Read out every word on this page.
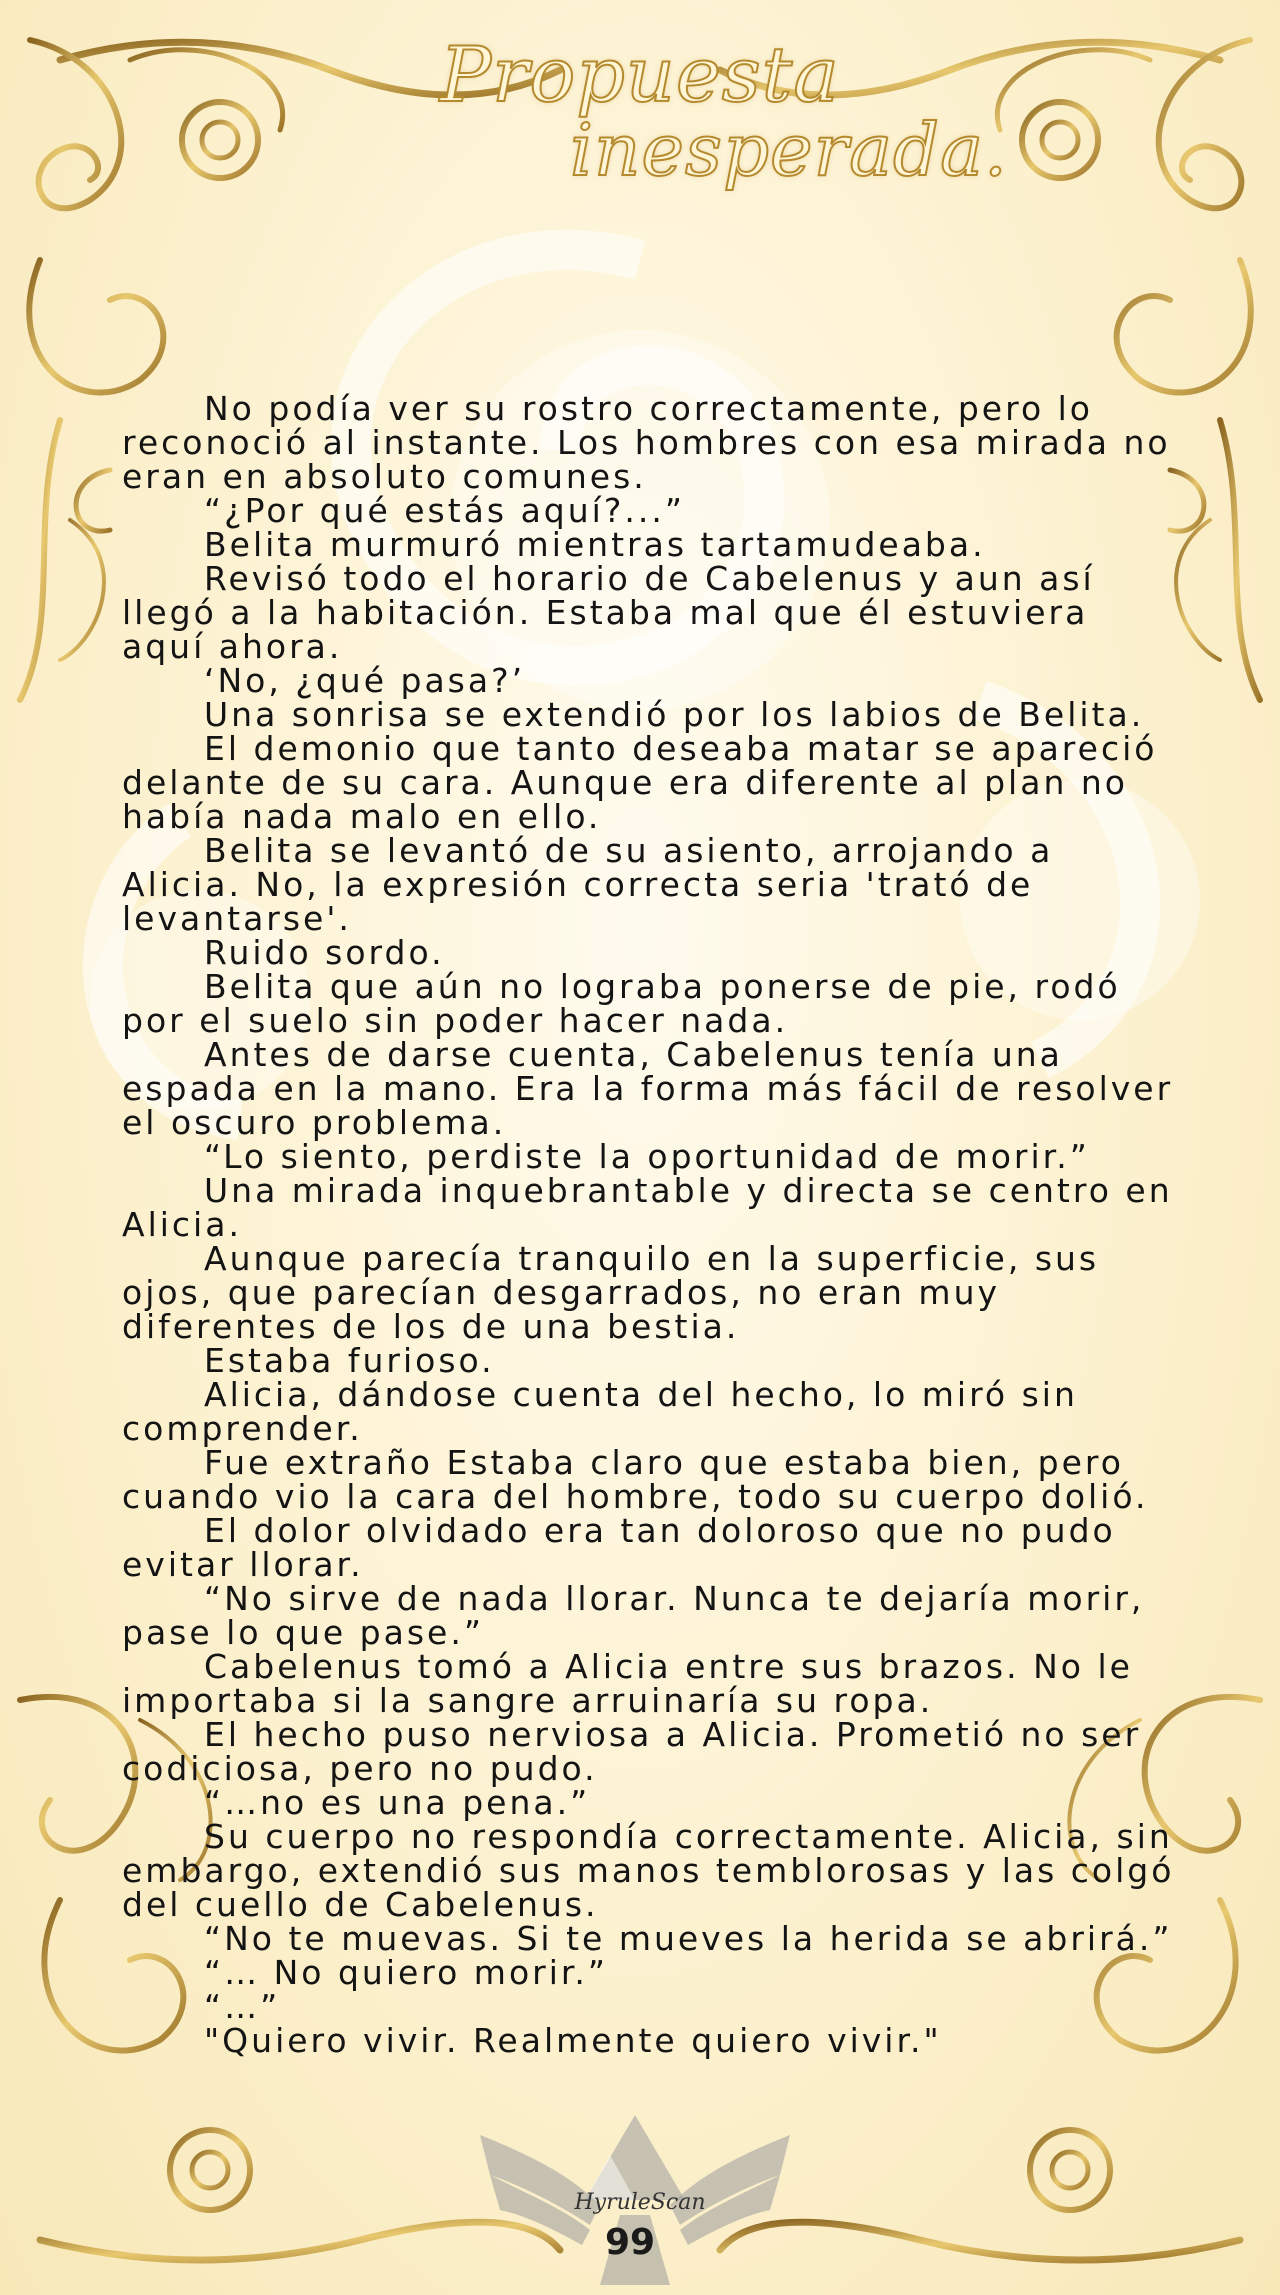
Propuesta
inesperada.

No podía ver su rostro correctamente, pero lo reconoció al instante. Los hombres con esa mirada no eran en absoluto comunes.

“¿Por qué estás aquí?...”

Belita murmuró mientras tartamudeaba.

Revisó todo el horario de Cabelenus y aun así llegó a la habitación. Estaba mal que él estuviera aquí ahora.

‘No, ¿qué pasa?’

Una sonrisa se extendió por los labios de Belita.

El demonio que tanto deseaba matar se apareció delante de su cara. Aunque era diferente al plan no había nada malo en ello.

Belita se levantó de su asiento, arrojando a Alicia. No, la expresión correcta seria 'trató de levantarse'.

Ruido sordo.

Belita que aún no lograba ponerse de pie, rodó por el suelo sin poder hacer nada.

Antes de darse cuenta, Cabelenus tenía una espada en la mano. Era la forma más fácil de resolver el oscuro problema.

“Lo siento, perdiste la oportunidad de morir.”

Una mirada inquebrantable y directa se centro en Alicia.

Aunque parecía tranquilo en la superficie, sus ojos, que parecían desgarrados, no eran muy diferentes de los de una bestia.

Estaba furioso.

Alicia, dándose cuenta del hecho, lo miró sin comprender.

Fue extraño Estaba claro que estaba bien, pero cuando vio la cara del hombre, todo su cuerpo dolió.

El dolor olvidado era tan doloroso que no pudo evitar llorar.

“No sirve de nada llorar. Nunca te dejaría morir, pase lo que pase.”

Cabelenus tomó a Alicia entre sus brazos. No le importaba si la sangre arruinaría su ropa.

El hecho puso nerviosa a Alicia. Prometió no ser codiciosa, pero no pudo.

“…no es una pena.”

Su cuerpo no respondía correctamente. Alicia, sin embargo, extendió sus manos temblorosas y las colgó del cuello de Cabelenus.

“No te muevas. Si te mueves la herida se abrirá.”

“… No quiero morir.”

“…”

"Quiero vivir. Realmente quiero vivir."

HyruleScan
99
